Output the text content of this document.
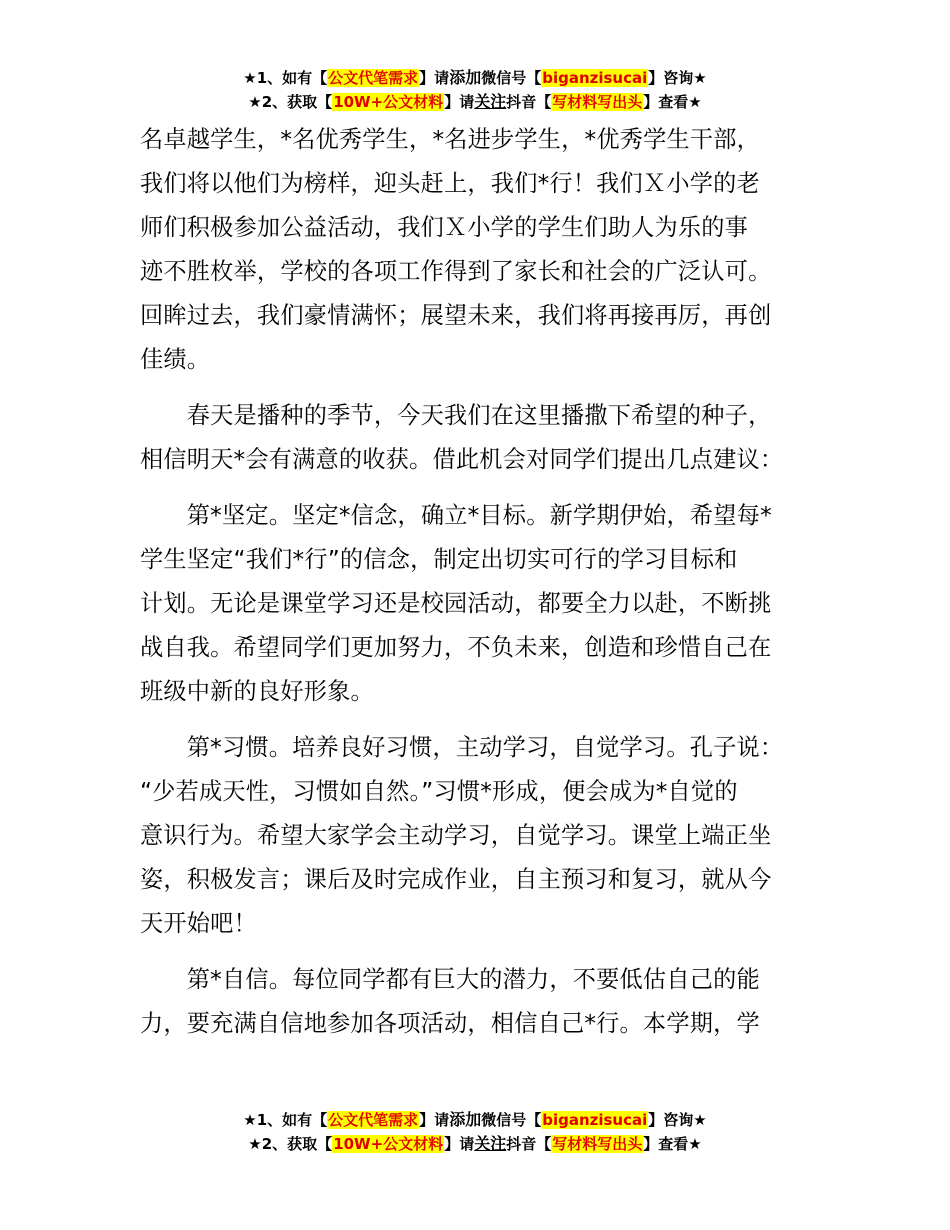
★1、如有【公文代笔需求】请添加微信号【biganzisucai】咨询★
★2、获取【10W+公文材料】请关注抖音【写材料写出头】查看★

名卓越学生，*名优秀学生，*名进步学生，*优秀学生干部，

我们将以他们为榜样，迎头赶上，我们*行！我们Ｘ小学的老

师们积极参加公益活动，我们Ｘ小学的学生们助人为乐的事

迹不胜枚举，学校的各项工作得到了家长和社会的广泛认可。

回眸过去，我们豪情满怀；展望未来，我们将再接再厉，再创

佳绩。

　　春天是播种的季节，今天我们在这里播撒下希望的种子，

相信明天*会有满意的收获。借此机会对同学们提出几点建议：

　　第*坚定。坚定*信念，确立*目标。新学期伊始，希望每*

学生坚定“我们*行”的信念，制定出切实可行的学习目标和

计划。无论是课堂学习还是校园活动，都要全力以赴，不断挑

战自我。希望同学们更加努力，不负未来，创造和珍惜自己在

班级中新的良好形象。

　　第*习惯。培养良好习惯，主动学习，自觉学习。孔子说：

“少若成天性，习惯如自然。”习惯*形成，便会成为*自觉的

意识行为。希望大家学会主动学习，自觉学习。课堂上端正坐

姿，积极发言；课后及时完成作业，自主预习和复习，就从今

天开始吧！

　　第*自信。每位同学都有巨大的潜力，不要低估自己的能

力，要充满自信地参加各项活动，相信自己*行。本学期，学

★1、如有【公文代笔需求】请添加微信号【biganzisucai】咨询★
★2、获取【10W+公文材料】请关注抖音【写材料写出头】查看★
